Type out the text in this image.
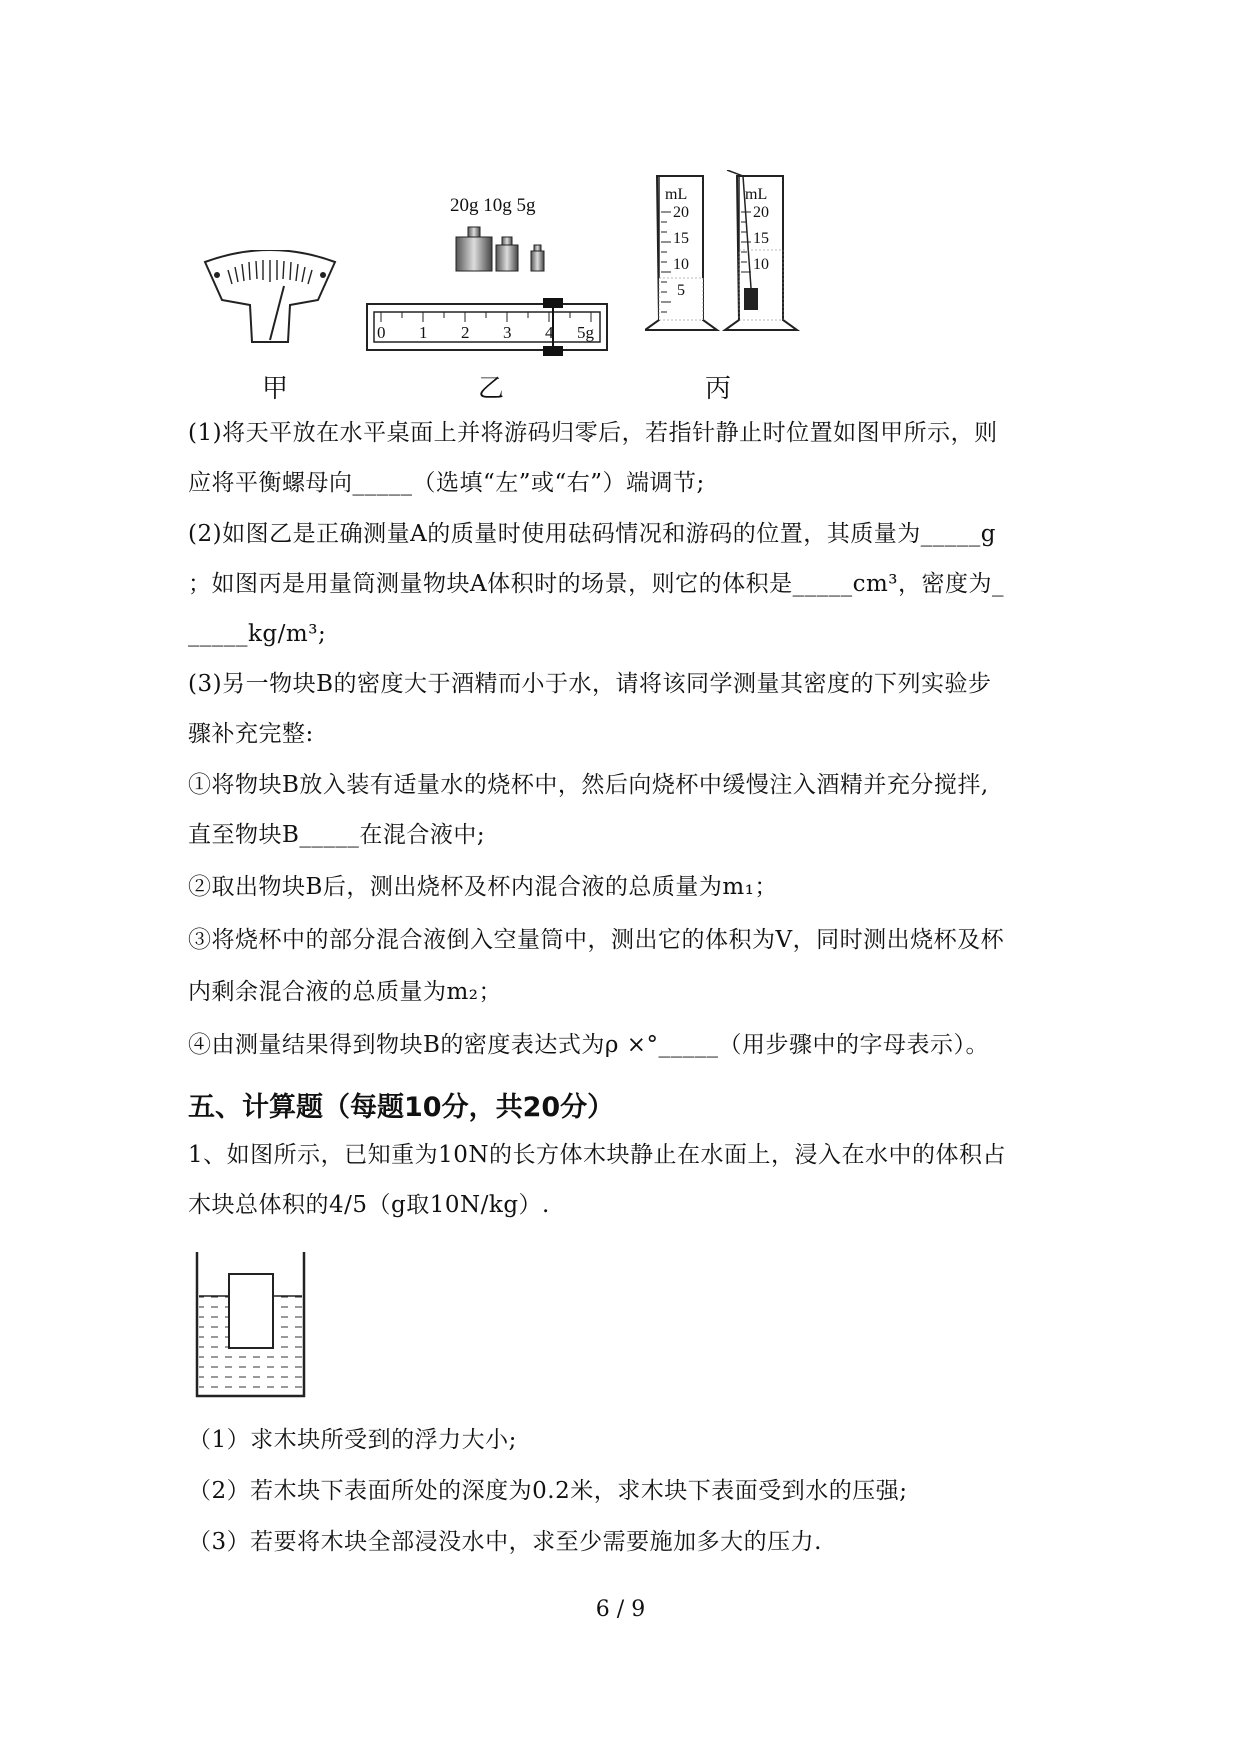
甲
20g 10g 5g
0 1 2 3 4 5g
乙
mL
20
15
10
5
mL
20
15
10
丙
(1)将天平放在水平桌面上并将游码归零后，若指针静止时位置如图甲所示，则
应将平衡螺母向_____（选填“左”或“右”）端调节;
(2)如图乙是正确测量A的质量时使用砝码情况和游码的位置，其质量为_____g
；如图丙是用量筒测量物块A体积时的场景，则它的体积是_____cm³，密度为_
_____kg/m³;
(3)另一物块B的密度大于酒精而小于水，请将该同学测量其密度的下列实验步
骤补充完整:
①将物块B放入装有适量水的烧杯中，然后向烧杯中缓慢注入酒精并充分搅拌,
直至物块B_____在混合液中;
②取出物块B后，测出烧杯及杯内混合液的总质量为m₁；
③将烧杯中的部分混合液倒入空量筒中，测出它的体积为V，同时测出烧杯及杯
内剩余混合液的总质量为m₂；
④由测量结果得到物块B的密度表达式为ρ ×°_____（用步骤中的字母表示）。
五、计算题（每题10分，共20分）
1、如图所示，已知重为10N的长方体木块静止在水面上，浸入在水中的体积占
木块总体积的4/5（g取10N/kg）.
（1）求木块所受到的浮力大小;
（2）若木块下表面所处的深度为0.2米，求木块下表面受到水的压强;
（3）若要将木块全部浸没水中，求至少需要施加多大的压力.
6 / 9
